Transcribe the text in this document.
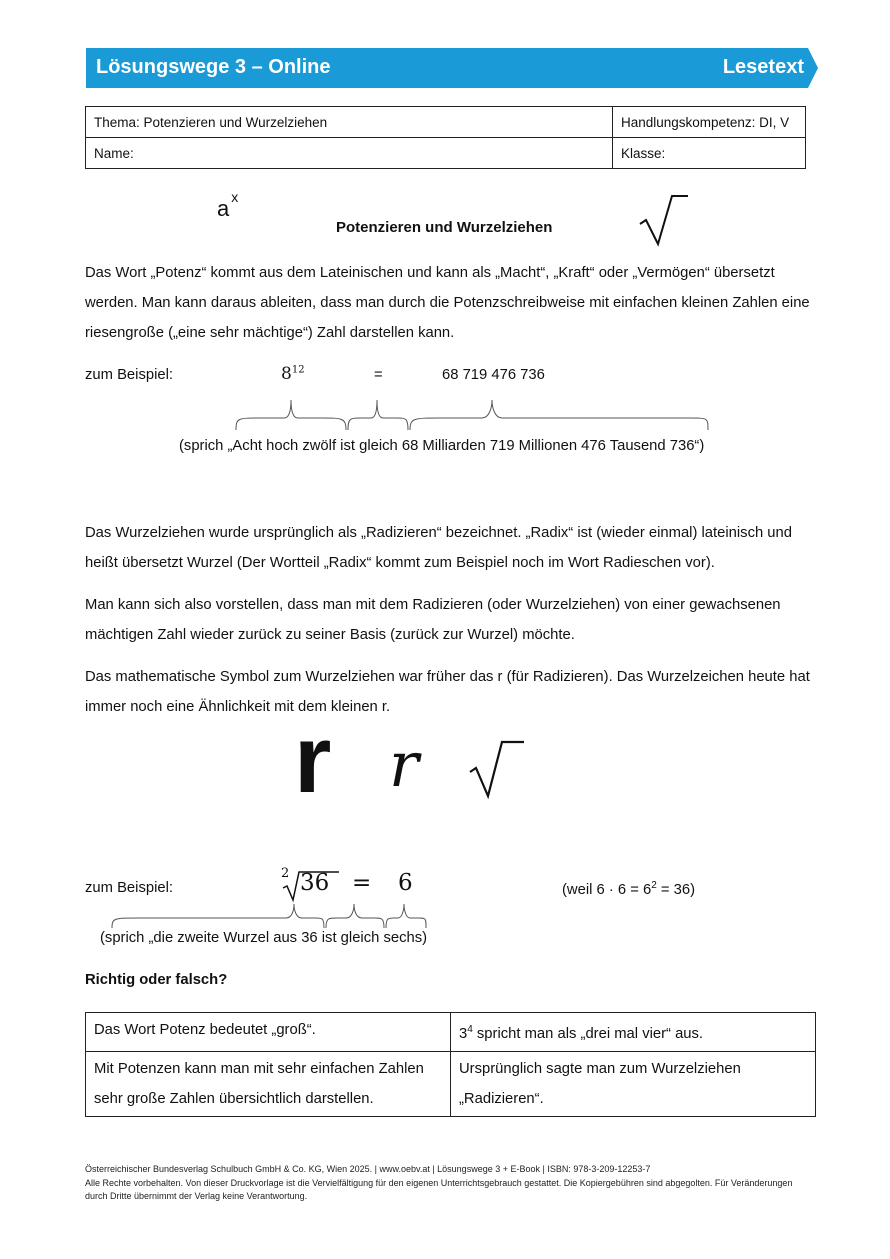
Lösungswege 3 – Online	Lesetext
Thema: Potenzieren und Wurzelziehen	Handlungskompetenz: DI, V
Name:	Klasse:
a $^x$
Potenzieren und Wurzelziehen
Das Wort „Potenz“ kommt aus dem Lateinischen und kann als „Macht“, „Kraft“ oder „Vermögen“ übersetzt werden. Man kann daraus ableiten, dass man durch die Potenzschreibweise mit einfachen kleinen Zahlen eine riesengroße („eine sehr mächtige“) Zahl darstellen kann.
zum Beispiel:	$8^{12}$	=	68 719 476 736
(sprich „Acht hoch zwölf ist gleich 68 Milliarden 719 Millionen 476 Tausend 736“)
Das Wurzelziehen wurde ursprünglich als „Radizieren“ bezeichnet. „Radix“ ist (wieder einmal) lateinisch und heißt übersetzt Wurzel (Der Wortteil „Radix“ kommt zum Beispiel noch im Wort Radieschen vor).
Man kann sich also vorstellen, dass man mit dem Radizieren (oder Wurzelziehen) von einer gewachsenen mächtigen Zahl wieder zurück zu seiner Basis (zurück zur Wurzel) möchte.
Das mathematische Symbol zum Wurzelziehen war früher das r (für Radizieren). Das Wurzelzeichen heute hat immer noch eine Ähnlichkeit mit dem kleinen r.
r r
zum Beispiel:
2 36 = 6	(weil $6 \cdot 6 = 6^2 = 36$)
(sprich „die zweite Wurzel aus 36 ist gleich sechs)
Richtig oder falsch?
Das Wort Potenz bedeutet „groß“.	$3^4$ spricht man als „drei mal vier“ aus.
Mit Potenzen kann man mit sehr einfachen Zahlen sehr große Zahlen übersichtlich darstellen.	Ursprünglich sagte man zum Wurzelziehen „Radizieren“.
Österreichischer Bundesverlag Schulbuch GmbH & Co. KG, Wien 2025. | www.oebv.at | Lösungswege 3 + E-Book | ISBN: 978-3-209-12253-7
Alle Rechte vorbehalten. Von dieser Druckvorlage ist die Vervielfältigung für den eigenen Unterrichtsgebrauch gestattet. Die Kopiergebühren sind abgegolten. Für Veränderungen durch Dritte übernimmt der Verlag keine Verantwortung.
